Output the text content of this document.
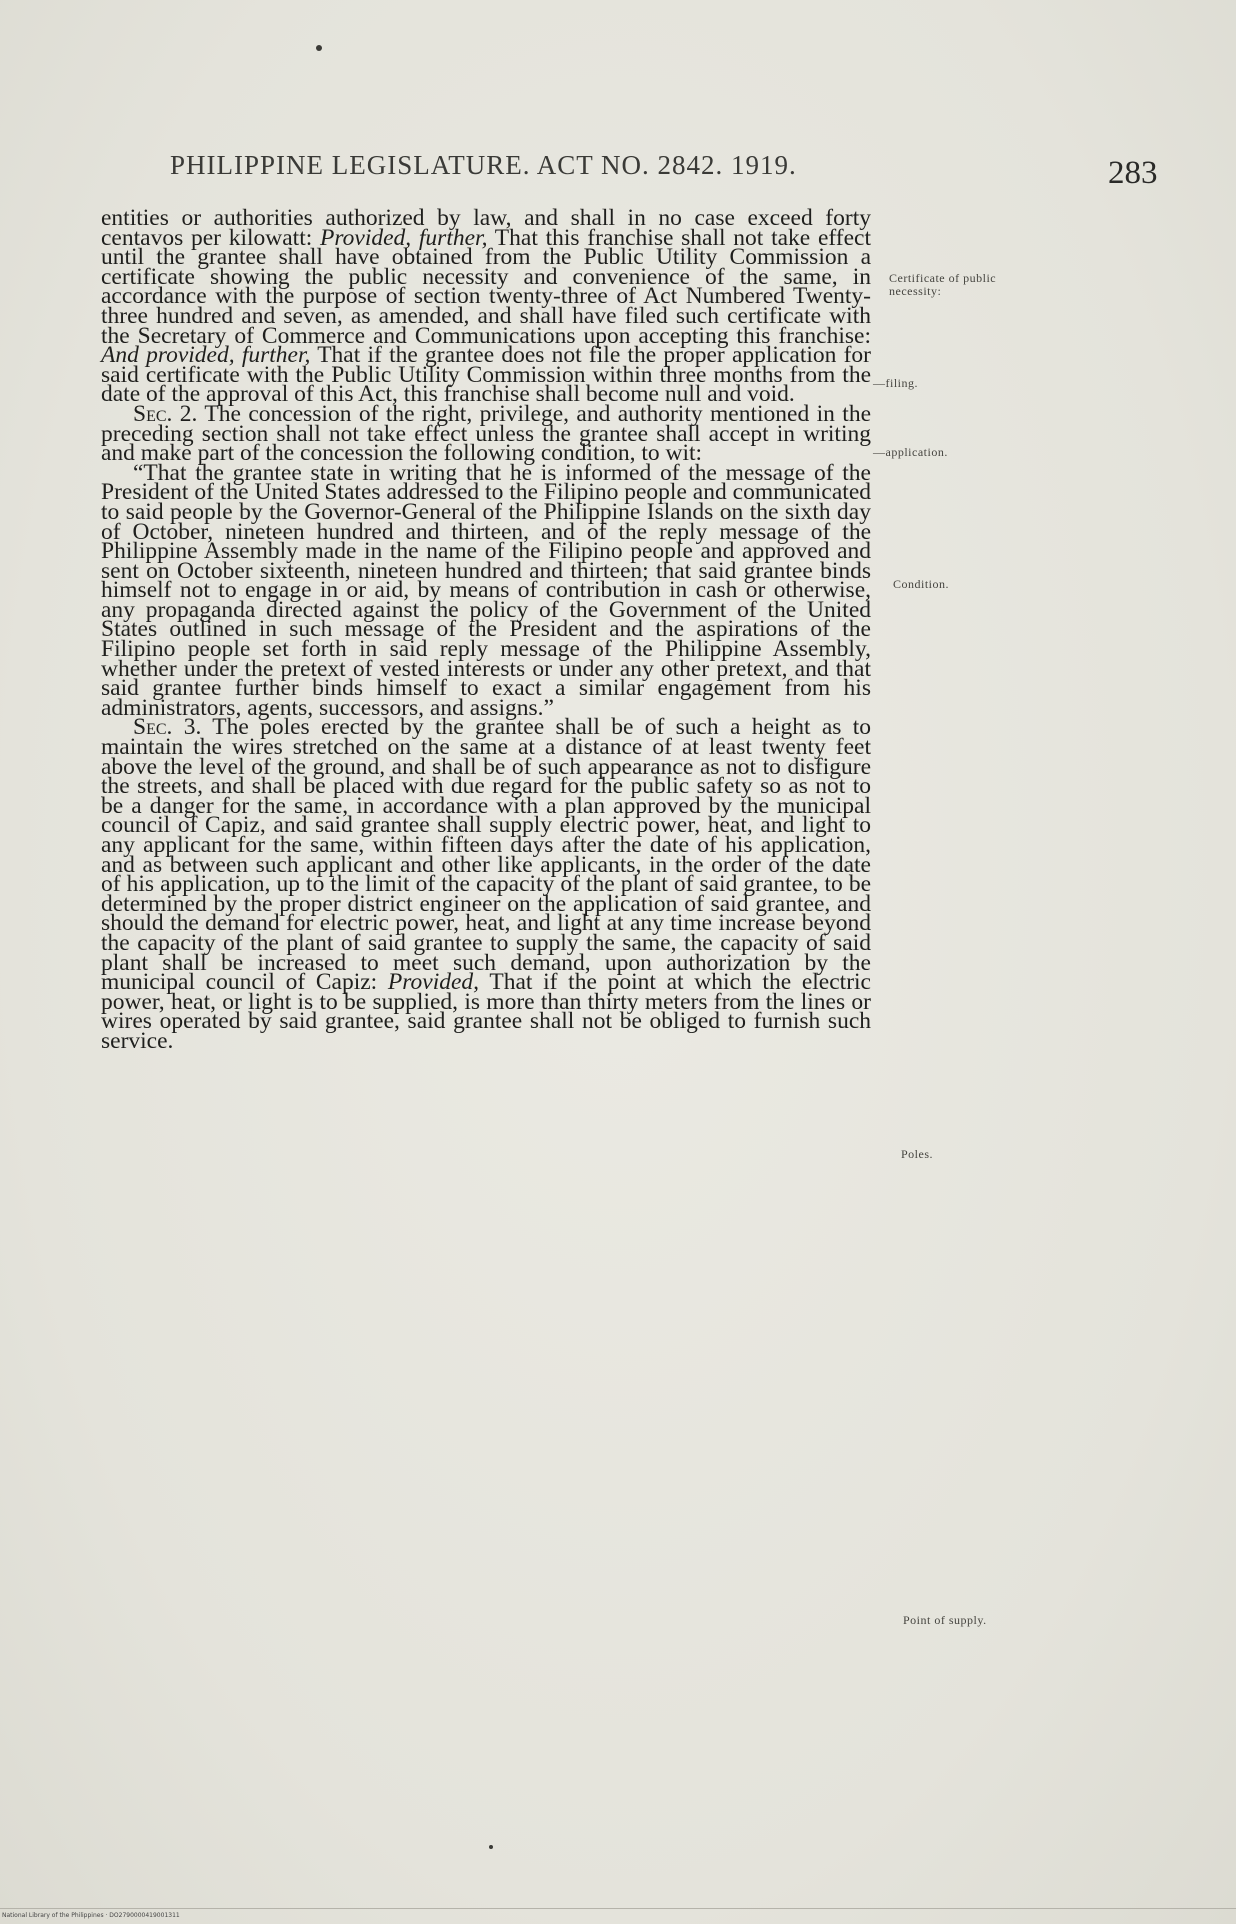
PHILIPPINE LEGISLATURE. ACT NO. 2842. 1919.	283

entities or authorities authorized by law, and shall in no case exceed forty centavos per kilowatt: Provided, further, That this franchise shall not take effect until the grantee shall have obtained from the Public Utility Commission a certificate showing the public necessity and convenience of the same, in accordance with the purpose of section twenty-three of Act Numbered Twenty-three hundred and seven, as amended, and shall have filed such certificate with the Secretary of Commerce and Communications upon accepting this franchise: And provided, further, That if the grantee does not file the proper application for said certificate with the Public Utility Commission within three months from the date of the approval of this Act, this franchise shall become null and void.

Sec. 2. The concession of the right, privilege, and authority mentioned in the preceding section shall not take effect unless the grantee shall accept in writing and make part of the concession the following condition, to wit:

“That the grantee state in writing that he is informed of the message of the President of the United States addressed to the Filipino people and communicated to said people by the Governor-General of the Philippine Islands on the sixth day of October, nineteen hundred and thirteen, and of the reply message of the Philippine Assembly made in the name of the Filipino people and approved and sent on October sixteenth, nineteen hundred and thirteen; that said grantee binds himself not to engage in or aid, by means of contribution in cash or otherwise, any propaganda directed against the policy of the Government of the United States outlined in such message of the President and the aspirations of the Filipino people set forth in said reply message of the Philippine Assembly, whether under the pretext of vested interests or under any other pretext, and that said grantee further binds himself to exact a similar engagement from his administrators, agents, successors, and assigns.”

Sec. 3. The poles erected by the grantee shall be of such a height as to maintain the wires stretched on the same at a distance of at least twenty feet above the level of the ground, and shall be of such appearance as not to disfigure the streets, and shall be placed with due regard for the public safety so as not to be a danger for the same, in accordance with a plan approved by the municipal council of Capiz, and said grantee shall supply electric power, heat, and light to any applicant for the same, within fifteen days after the date of his application, and as between such applicant and other like applicants, in the order of the date of his application, up to the limit of the capacity of the plant of said grantee, to be determined by the proper district engineer on the application of said grantee, and should the demand for electric power, heat, and light at any time increase beyond the capacity of the plant of said grantee to supply the same, the capacity of said plant shall be increased to meet such demand, upon authorization by the municipal council of Capiz: Provided, That if the point at which the electric power, heat, or light is to be supplied, is more than thirty meters from the lines or wires operated by said grantee, said grantee shall not be obliged to furnish such service.

Certificate of public necessity:
—filing.
—application.
Condition.
Poles.
Point of supply.
National Library of the Philippines · DO2790000419001311
